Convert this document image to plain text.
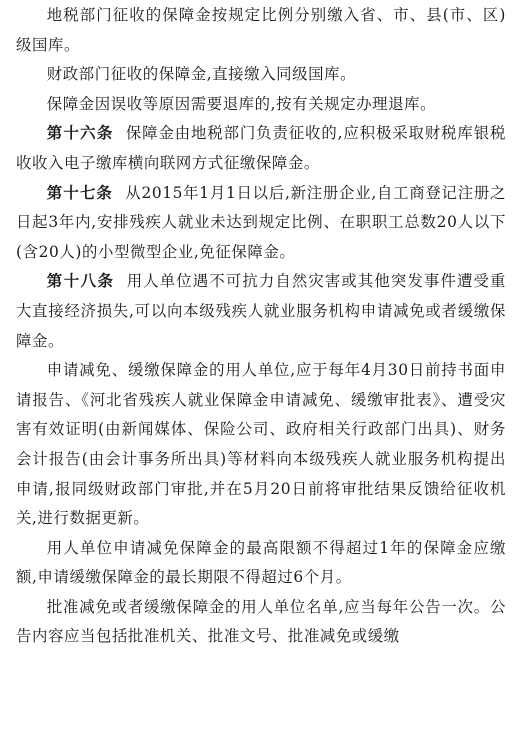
地税部门征收的保障金按规定比例分别缴入省、市、县(市、区)级国库。

财政部门征收的保障金,直接缴入同级国库。

保障金因误收等原因需要退库的,按有关规定办理退库。

第十六条 保障金由地税部门负责征收的,应积极采取财税库银税收收入电子缴库横向联网方式征缴保障金。

第十七条 从2015年1月1日以后,新注册企业,自工商登记注册之日起3年内,安排残疾人就业未达到规定比例、在职职工总数20人以下(含20人)的小型微型企业,免征保障金。

第十八条 用人单位遇不可抗力自然灾害或其他突发事件遭受重大直接经济损失,可以向本级残疾人就业服务机构申请减免或者缓缴保障金。

申请减免、缓缴保障金的用人单位,应于每年4月30日前持书面申请报告、《河北省残疾人就业保障金申请减免、缓缴审批表》、遭受灾害有效证明(由新闻媒体、保险公司、政府相关行政部门出具)、财务会计报告(由会计事务所出具)等材料向本级残疾人就业服务机构提出申请,报同级财政部门审批,并在5月20日前将审批结果反馈给征收机关,进行数据更新。

用人单位申请减免保障金的最高限额不得超过1年的保障金应缴额,申请缓缴保障金的最长期限不得超过6个月。

批准减免或者缓缴保障金的用人单位名单,应当每年公告一次。公告内容应当包括批准机关、批准文号、批准减免或缓缴
